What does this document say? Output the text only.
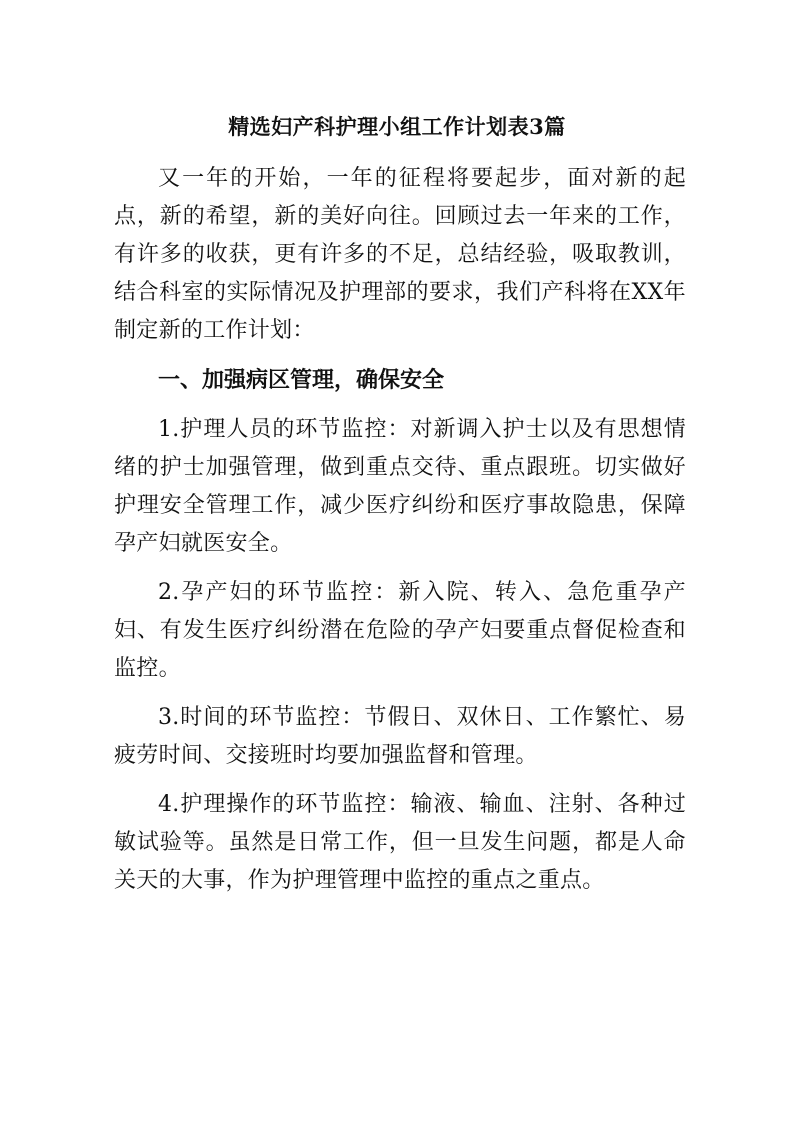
精选妇产科护理小组工作计划表3篇

又一年的开始，一年的征程将要起步，面对新的起点，新的希望，新的美好向往。回顾过去一年来的工作，有许多的收获，更有许多的不足，总结经验，吸取教训，结合科室的实际情况及护理部的要求，我们产科将在XX年制定新的工作计划：

一、加强病区管理，确保安全

1.护理人员的环节监控：对新调入护士以及有思想情绪的护士加强管理，做到重点交待、重点跟班。切实做好护理安全管理工作，减少医疗纠纷和医疗事故隐患，保障孕产妇就医安全。

2.孕产妇的环节监控：新入院、转入、急危重孕产妇、有发生医疗纠纷潜在危险的孕产妇要重点督促检查和监控。

3.时间的环节监控：节假日、双休日、工作繁忙、易疲劳时间、交接班时均要加强监督和管理。

4.护理操作的环节监控：输液、输血、注射、各种过敏试验等。虽然是日常工作，但一旦发生问题，都是人命关天的大事，作为护理管理中监控的重点之重点。
